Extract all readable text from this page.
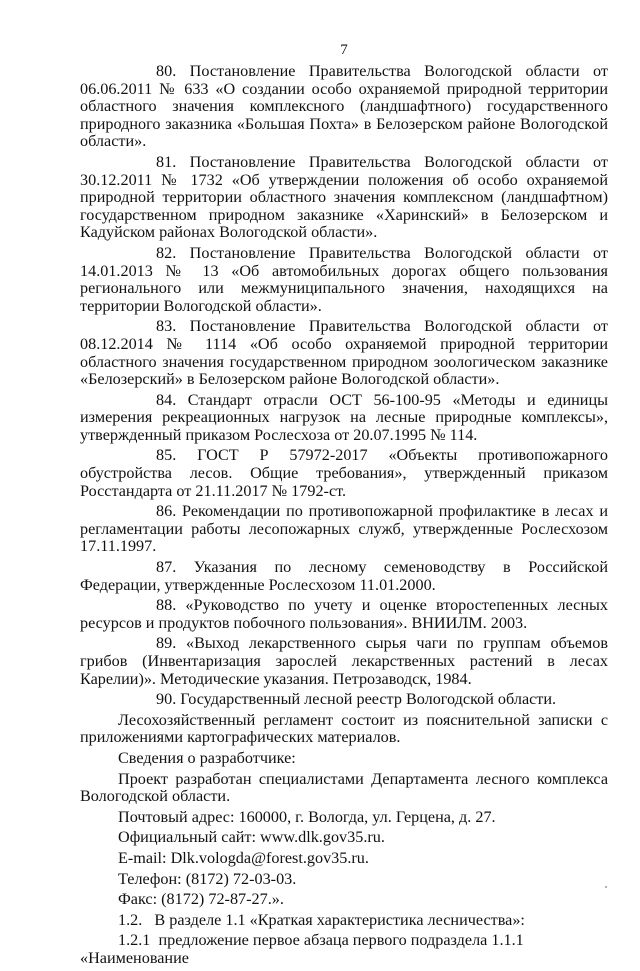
7

80. Постановление Правительства Вологодской области от 06.06.2011 № 633 «О создании особо охраняемой природной территории областного значения комплексного (ландшафтного) государственного природного заказника «Большая Похта» в Белозерском районе Вологодской области».

81. Постановление Правительства Вологодской области от 30.12.2011 № 1732 «Об утверждении положения об особо охраняемой природной территории областного значения комплексном (ландшафтном) государственном природном заказнике «Харинский» в Белозерском и Кадуйском районах Вологодской области».

82. Постановление Правительства Вологодской области от 14.01.2013 № 13 «Об автомобильных дорогах общего пользования регионального или межмуниципального значения, находящихся на территории Вологодской области».

83. Постановление Правительства Вологодской области от 08.12.2014 № 1114 «Об особо охраняемой природной территории областного значения государственном природном зоологическом заказнике «Белозерский» в Белозерском районе Вологодской области».

84. Стандарт отрасли ОСТ 56-100-95 «Методы и единицы измерения рекреационных нагрузок на лесные природные комплексы», утвержденный приказом Рослесхоза от 20.07.1995 № 114.

85. ГОСТ Р 57972-2017 «Объекты противопожарного обустройства лесов. Общие требования», утвержденный приказом Росстандарта от 21.11.2017 № 1792-ст.

86. Рекомендации по противопожарной профилактике в лесах и регламентации работы лесопожарных служб, утвержденные Рослесхозом 17.11.1997.

87. Указания по лесному семеноводству в Российской Федерации, утвержденные Рослесхозом 11.01.2000.

88. «Руководство по учету и оценке второстепенных лесных ресурсов и продуктов побочного пользования». ВНИИЛМ. 2003.

89. «Выход лекарственного сырья чаги по группам объемов грибов (Инвентаризация зарослей лекарственных растений в лесах Карелии)». Методические указания. Петрозаводск, 1984.

90. Государственный лесной реестр Вологодской области.

Лесохозяйственный регламент состоит из пояснительной записки с приложениями картографических материалов.

Сведения о разработчике:

Проект разработан специалистами Департамента лесного комплекса Вологодской области.

Почтовый адрес: 160000, г. Вологда, ул. Герцена, д. 27.

Официальный сайт: www.dlk.gov35.ru.

E-mail: Dlk.vologda@forest.gov35.ru.

Телефон: (8172) 72-03-03.

Факс: (8172) 72-87-27.».

1.2. В разделе 1.1 «Краткая характеристика лесничества»:

1.2.1 предложение первое абзаца первого подраздела 1.1.1 «Наименование
